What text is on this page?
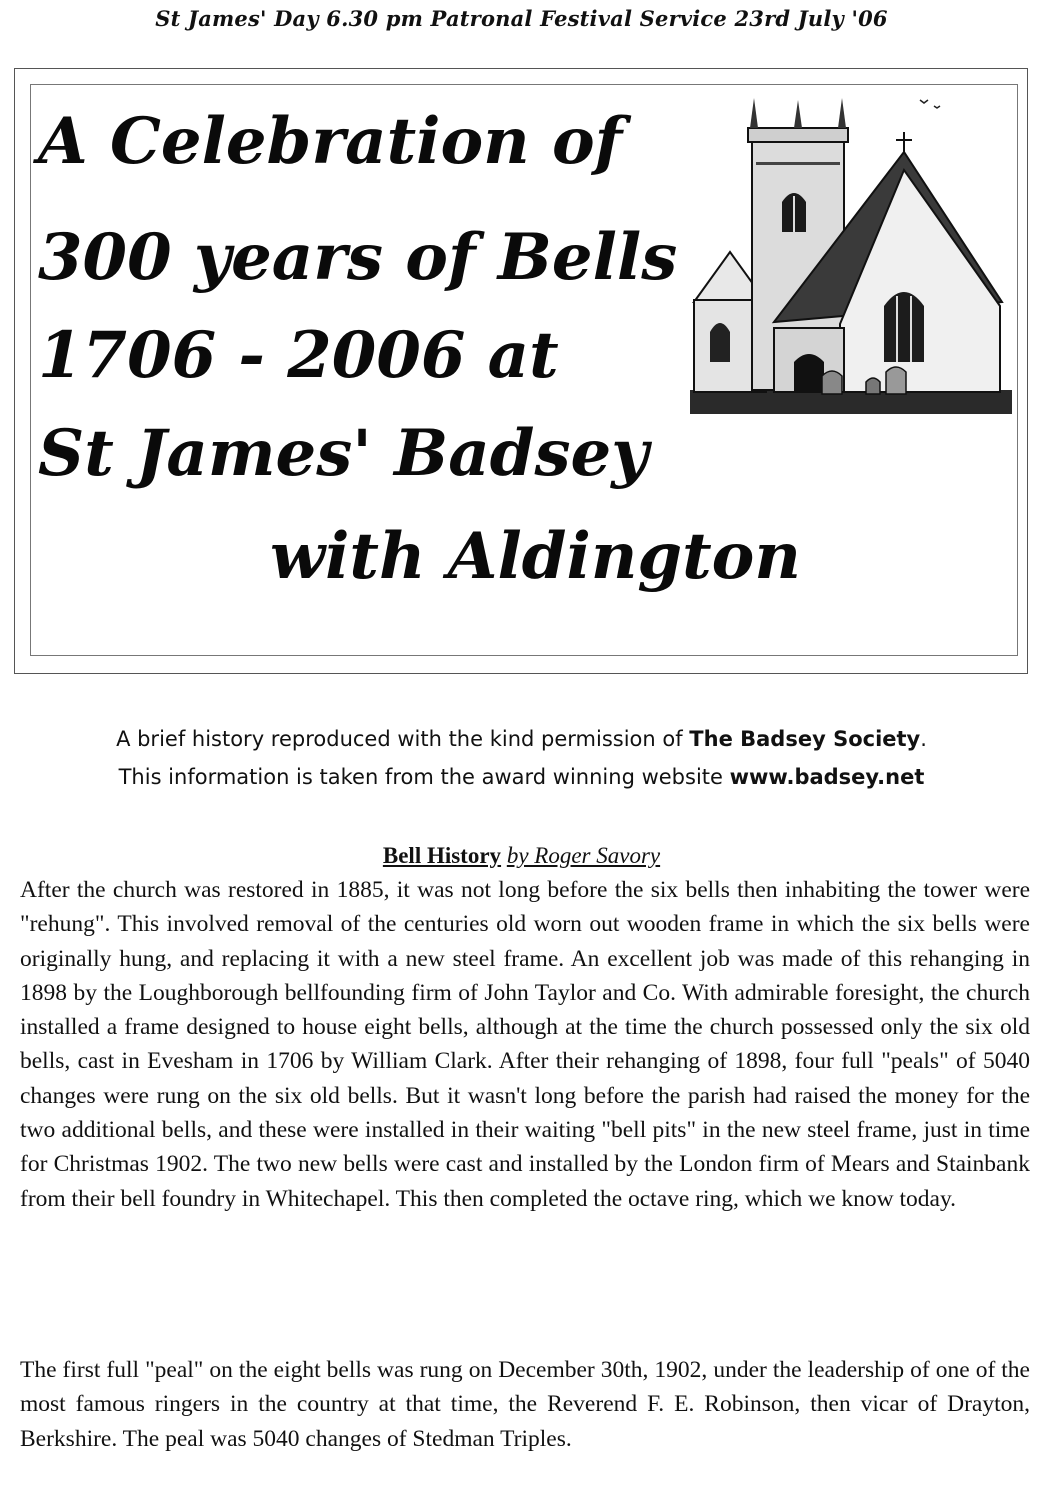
St James' Day 6.30 pm Patronal Festival Service 23rd July '06
A Celebration of
300 years of Bells
1706 - 2006 at
St James' Badsey
with Aldington
A brief history reproduced with the kind permission of The Badsey Society.
This information is taken from the award winning website www.badsey.net
Bell History by Roger Savory

After the church was restored in 1885, it was not long before the six bells then inhabiting the tower were "rehung". This involved removal of the centuries old worn out wooden frame in which the six bells were originally hung, and replacing it with a new steel frame. An excellent job was made of this rehanging in 1898 by the Loughborough bellfounding firm of John Taylor and Co. With admirable foresight, the church installed a frame designed to house eight bells, although at the time the church possessed only the six old bells, cast in Evesham in 1706 by William Clark. After their rehanging of 1898, four full "peals" of 5040 changes were rung on the six old bells. But it wasn't long before the parish had raised the money for the two additional bells, and these were installed in their waiting "bell pits" in the new steel frame, just in time for Christmas 1902. The two new bells were cast and installed by the London firm of Mears and Stainbank from their bell foundry in Whitechapel. This then completed the octave ring, which we know today.

The first full "peal" on the eight bells was rung on December 30th, 1902, under the leadership of one of the most famous ringers in the country at that time, the Reverend F. E. Robinson, then vicar of Drayton, Berkshire. The peal was 5040 changes of Stedman Triples.
